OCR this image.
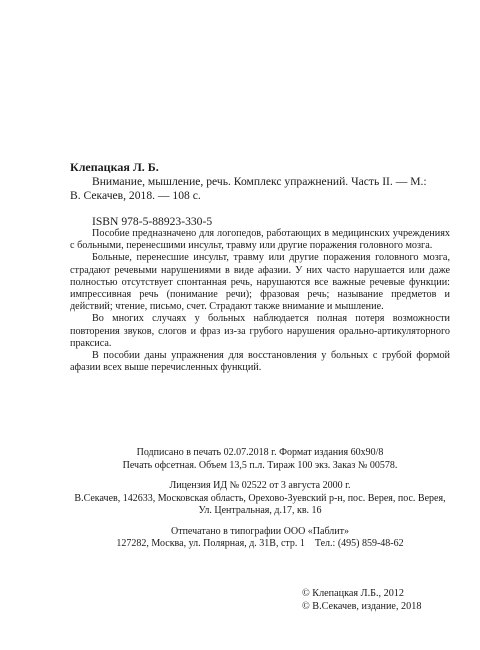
Клепацкая Л. Б.

Внимание, мышление, речь. Комплекс упражнений. Часть II. — М.:

В. Секачев, 2018. — 108 с.

ISBN 978-5-88923-330-5

Пособие предназначено для логопедов, работающих в медицинских учреждениях с больными, перенесшими инсульт, травму или другие поражения головного мозга.

Больные, перенесшие инсульт, травму или другие поражения головного мозга, страдают речевыми нарушениями в виде афазии. У них часто нарушается или даже полностью отсутствует спонтанная речь, нарушаются все важные речевые функции: импрессивная речь (понимание речи); фразовая речь; называние предметов и действий; чтение, письмо, счет. Страдают также внимание и мышление.

Во многих случаях у больных наблюдается полная потеря возможности повторения звуков, слогов и фраз из-за грубого нарушения орально-артикуляторного праксиса.

В пособии даны упражнения для восстановления у больных с грубой формой афазии всех выше перечисленных функций.

Подписано в печать 02.07.2018 г. Формат издания 60х90/8
Печать офсетная. Объем 13,5 п.л. Тираж 100 экз. Заказ № 00578.
Лицензия ИД № 02522 от 3 августа 2000 г.
В.Секачев, 142633, Московская область, Орехово-Зуевский р-н, пос. Верея, пос. Верея,
Ул. Центральная, д.17, кв. 16
Отпечатано в типографии ООО «Паблит»
127282, Москва, ул. Полярная, д. 31В, стр. 1    Тел.: (495) 859-48-62
© Клепацкая Л.Б., 2012
© В.Секачев, издание, 2018
